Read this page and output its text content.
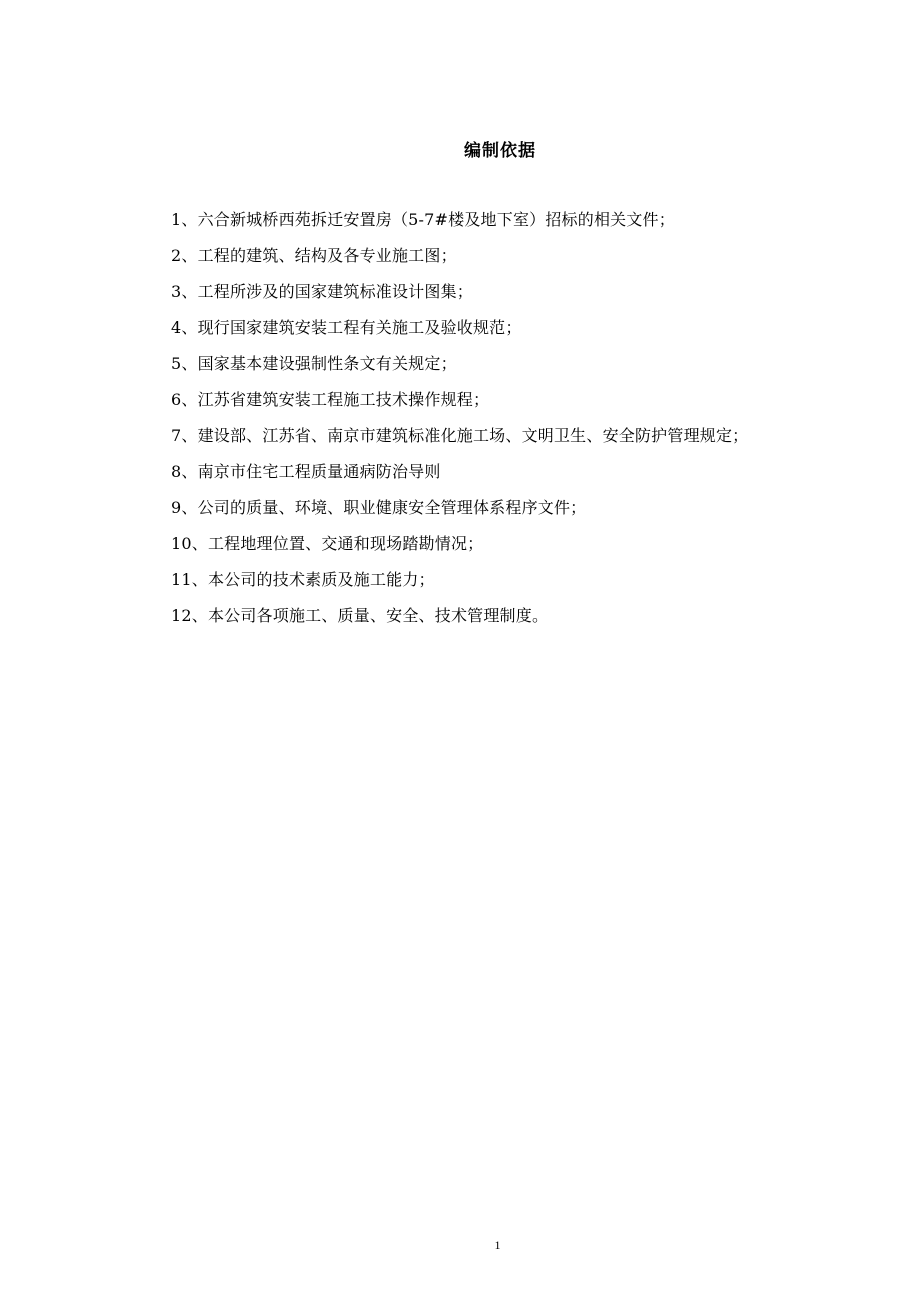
编制依据
1、六合新城桥西苑拆迁安置房（5-7#楼及地下室）招标的相关文件；
2、工程的建筑、结构及各专业施工图；
3、工程所涉及的国家建筑标准设计图集；
4、现行国家建筑安装工程有关施工及验收规范；
5、国家基本建设强制性条文有关规定；
6、江苏省建筑安装工程施工技术操作规程；
7、建设部、江苏省、南京市建筑标准化施工场、文明卫生、安全防护管理规定；
8、南京市住宅工程质量通病防治导则
9、公司的质量、环境、职业健康安全管理体系程序文件；
10、工程地理位置、交通和现场踏勘情况；
11、本公司的技术素质及施工能力；
12、本公司各项施工、质量、安全、技术管理制度。
1
